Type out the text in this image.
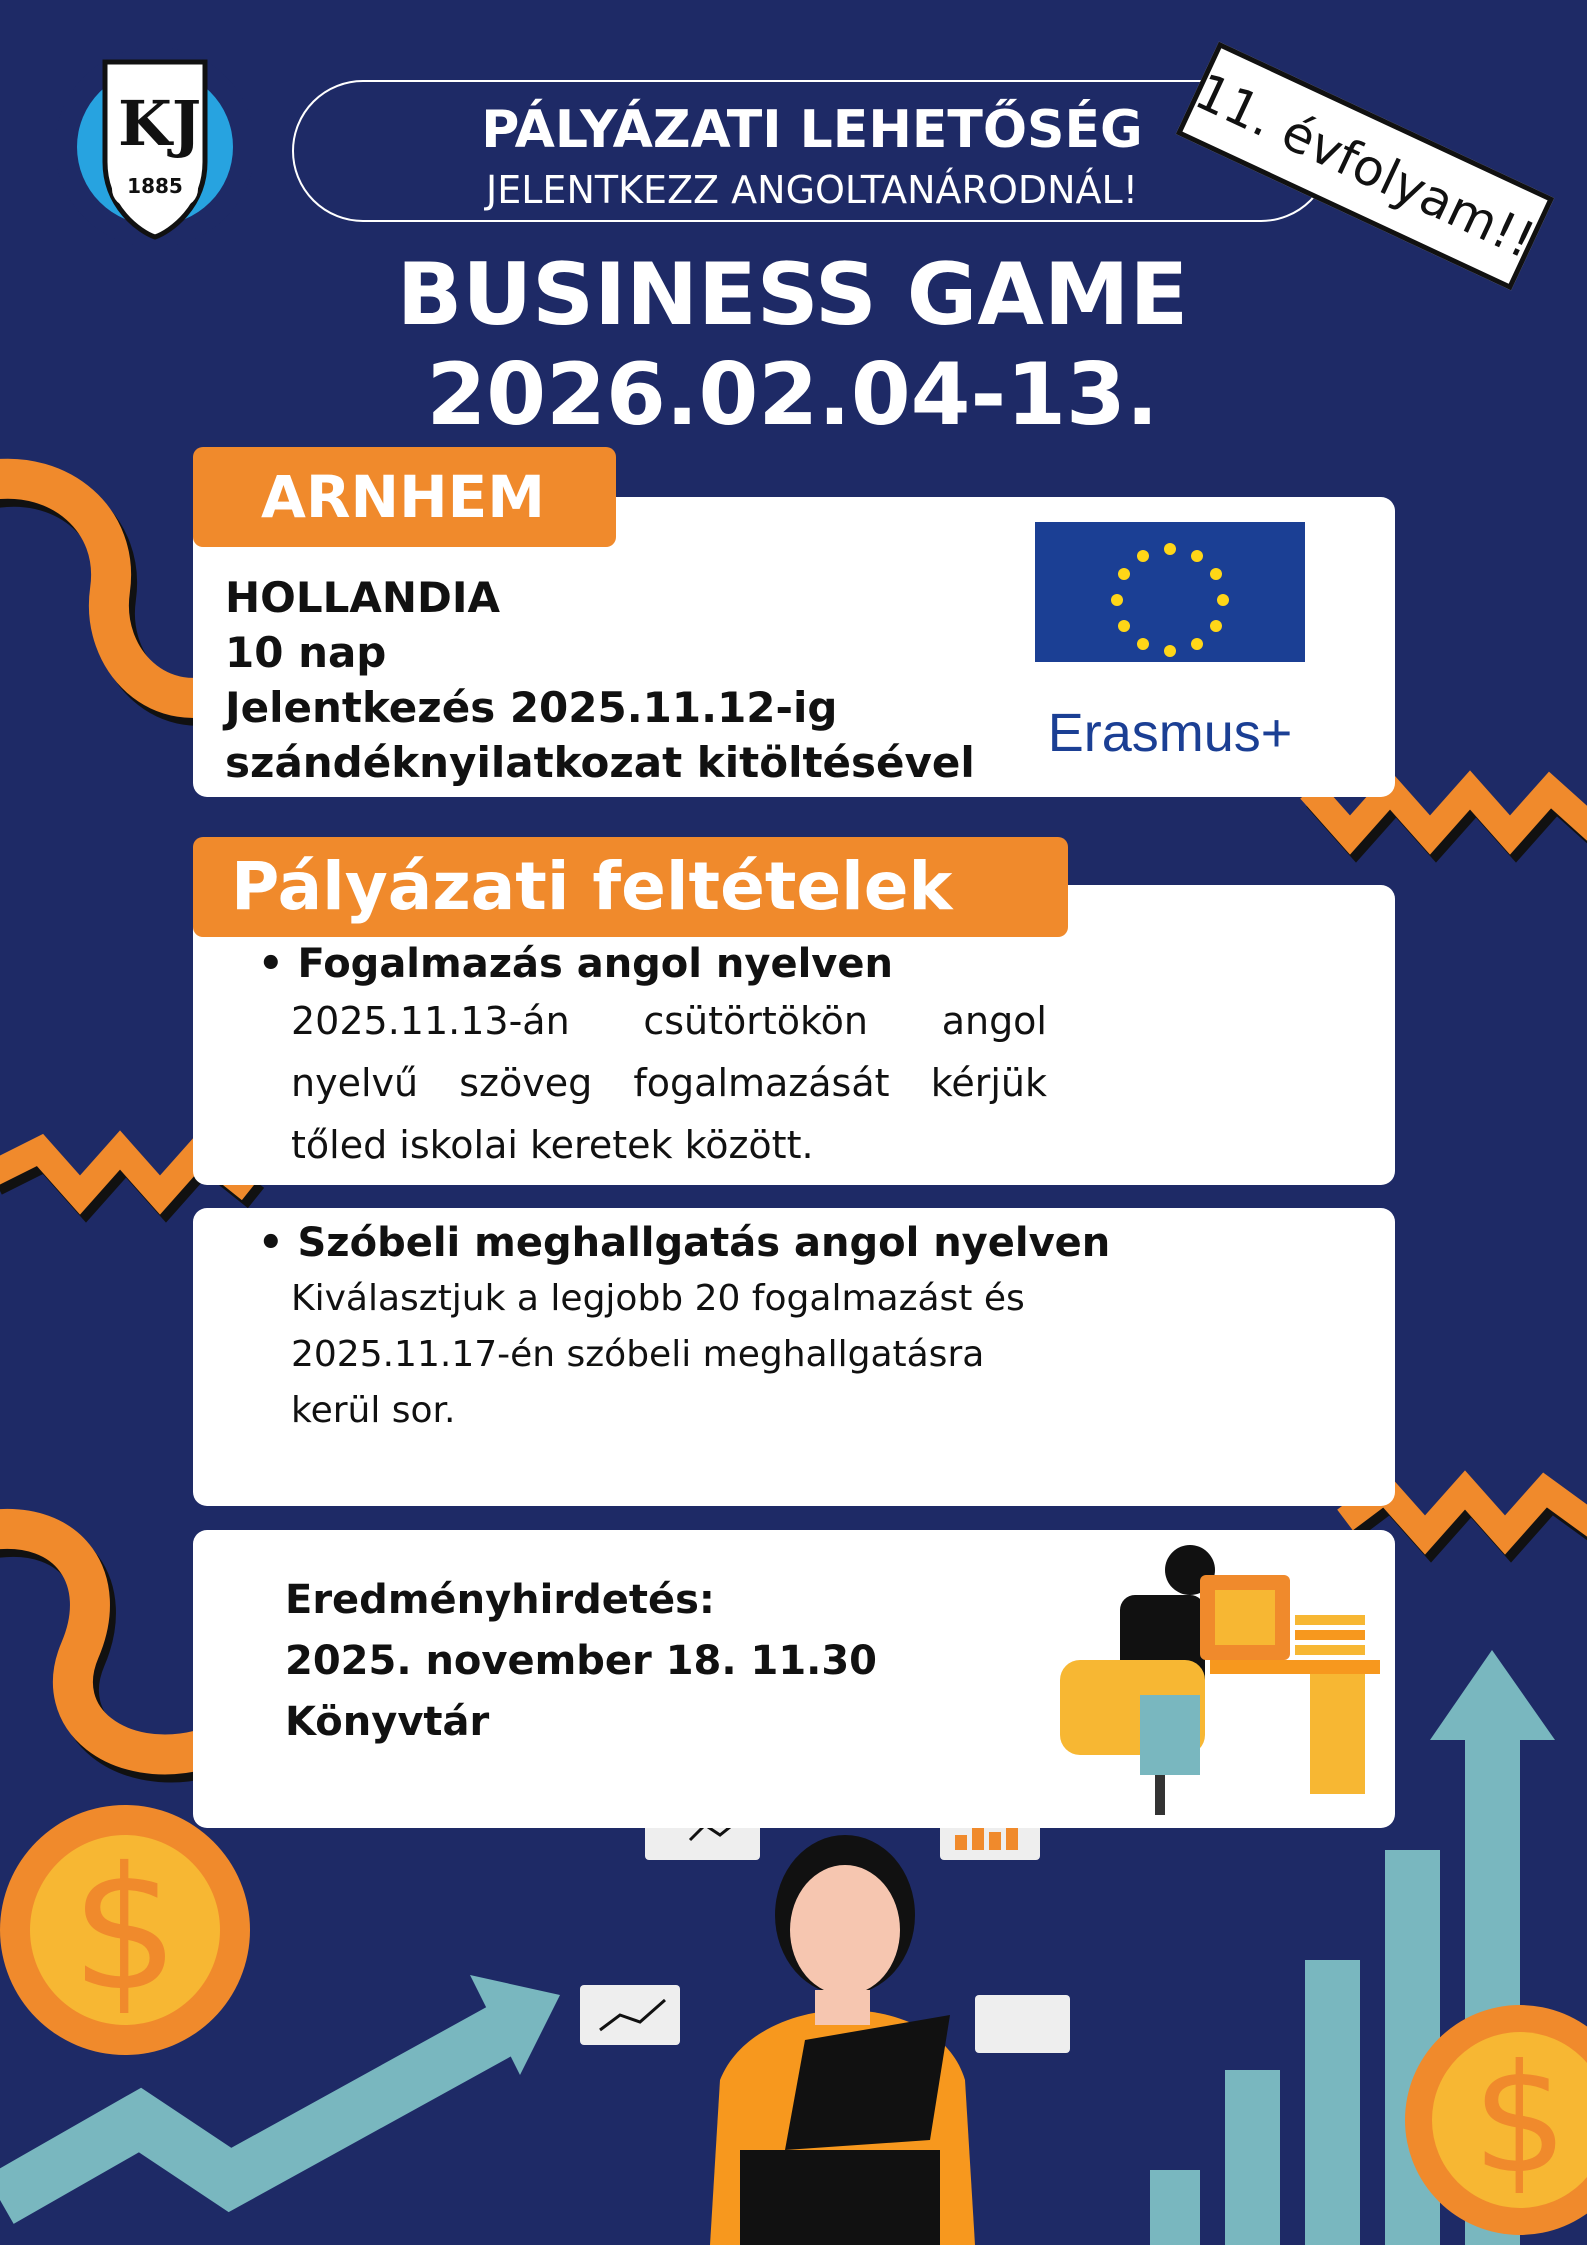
KJ
1885
PÁLYÁZATI LEHETŐSÉG
JELENTKEZZ ANGOLTANÁRODNÁL! 11. évfolyam!!
BUSINESS GAME
2026.02.04-13.
ARNHEM
HOLLANDIA
10 nap
Jelentkezés 2025.11.12-ig
szándéknyilatkozat kitöltésével Erasmus+
Pályázati feltételek
• Fogalmazás angol nyelven
2025.11.13-án csütörtökön angol nyelvű szöveg fogalmazását kérjük tőled iskolai keretek között.
• Szóbeli meghallgatás angol nyelven
Kiválasztjuk a legjobb 20 fogalmazást és 2025.11.17-én szóbeli meghallgatásra kerül sor.
Eredményhirdetés:
2025. november 18. 11.30
Könyvtár
$
$
